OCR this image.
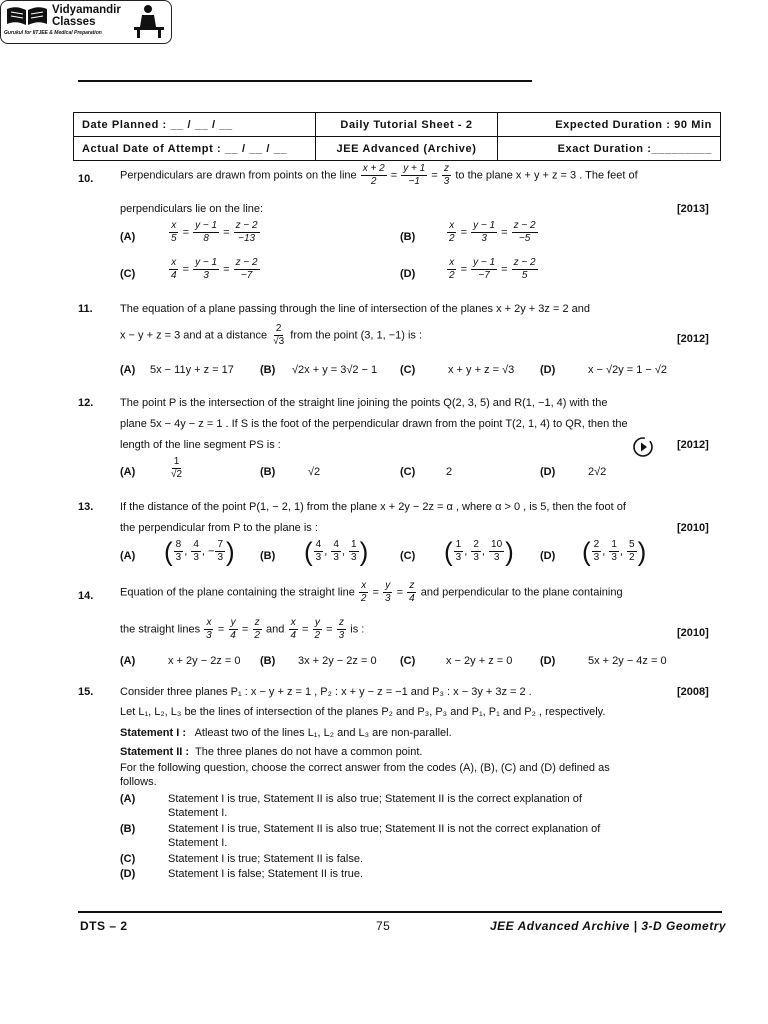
Vidyamandir
Classes
Gurukul for IITJEE & Medical Preparation
Date Planned : __ / __ / __	Daily Tutorial Sheet - 2	Expected Duration : 90 Min
Actual Date of Attempt : __ / __ / __	JEE Advanced (Archive)	Exact Duration :_________
10. Perpendiculars are drawn from points on the line $\frac{x + 2}{2} = \frac{y + 1}{-1} = \frac{z}{3}$ to the plane x + y + z = 3 . The feet of
perpendiculars lie on the line:	[2013]
(A)	$\frac{x}{5} = \frac{y - 1}{8} = \frac{z - 2}{-13}$	(B)	$\frac{x}{2} = \frac{y - 1}{3} = \frac{z - 2}{-5}$
(C)	$\frac{x}{4} = \frac{y - 1}{3} = \frac{z - 2}{-7}$	(D)	$\frac{x}{2} = \frac{y - 1}{-7} = \frac{z - 2}{5}$
11. The equation of a plane passing through the line of intersection of the planes x + 2y + 3z = 2 and
x − y + z = 3 and at a distance $\frac{2}{√3}$ from the point (3, 1, −1) is :	[2012]
(A) 5x − 11y + z = 17 (B) √2x + y = 3√2 − 1 (C)	x + y + z = √3 (D)	x − √2y = 1 − √2
12. The point P is the intersection of the straight line joining the points Q(2, 3, 5) and R(1, −1, 4) with the
plane 5x − 4y − z = 1 . If S is the foot of the perpendicular drawn from the point T(2, 1, 4) to QR, then the
length of the line segment PS is :	[2012]
(A)	$\frac{1}{√2}$	(B)	√2	(C)	2	(D)	2√2
13. If the distance of the point P(1, − 2, 1) from the plane x + 2y − 2z = α , where α > 0 , is 5, then the foot of
the perpendicular from P to the plane is :	[2010]
(A) ( $\frac{8}{3}$ , $\frac{4}{3}$ , − $\frac{7}{3}$ ) (B) ( $\frac{4}{3}$ , $\frac{4}{3}$ , $\frac{1}{3}$ )	(C) ( $\frac{1}{3}$ , $\frac{2}{3}$ , $\frac{10}{3}$ ) (D) ( $\frac{2}{3}$ , $\frac{1}{3}$ , $\frac{5}{2}$ )
14. Equation of the plane containing the straight line $\frac{x}{2} = \frac{y}{3} = \frac{z}{4}$ and perpendicular to the plane containing
the straight lines $\frac{x}{3} = \frac{y}{4} = \frac{z}{2}$ and $\frac{x}{4} = \frac{y}{2} = \frac{z}{3}$ is :	[2010]
(A)	x + 2y − 2z = 0 (B) 3x + 2y − 2z = 0 (C)	x − 2y + z = 0	(D)	5x + 2y − 4z = 0
15. Consider three planes P₁ : x − y + z = 1 , P₂ : x + y − z = −1 and P₃ : x − 3y + 3z = 2 .	[2008]
Let L₁, L₂, L₃ be the lines of intersection of the planes P₂ and P₃, P₃ and P₁, P₁ and P₂ , respectively.
Statement I : Atleast two of the lines L₁, L₂ and L₃ are non-parallel.
Statement II : The three planes do not have a common point.
For the following question, choose the correct answer from the codes (A), (B), (C) and (D) defined as
follows.
(A)	Statement I is true, Statement II is also true; Statement II is the correct explanation of
Statement I.
(B)	Statement I is true, Statement II is also true; Statement II is not the correct explanation of
Statement I.
(C)	Statement I is true; Statement II is false.
(D)	Statement I is false; Statement II is true.
DTS – 2	75	JEE Advanced Archive | 3-D Geometry
